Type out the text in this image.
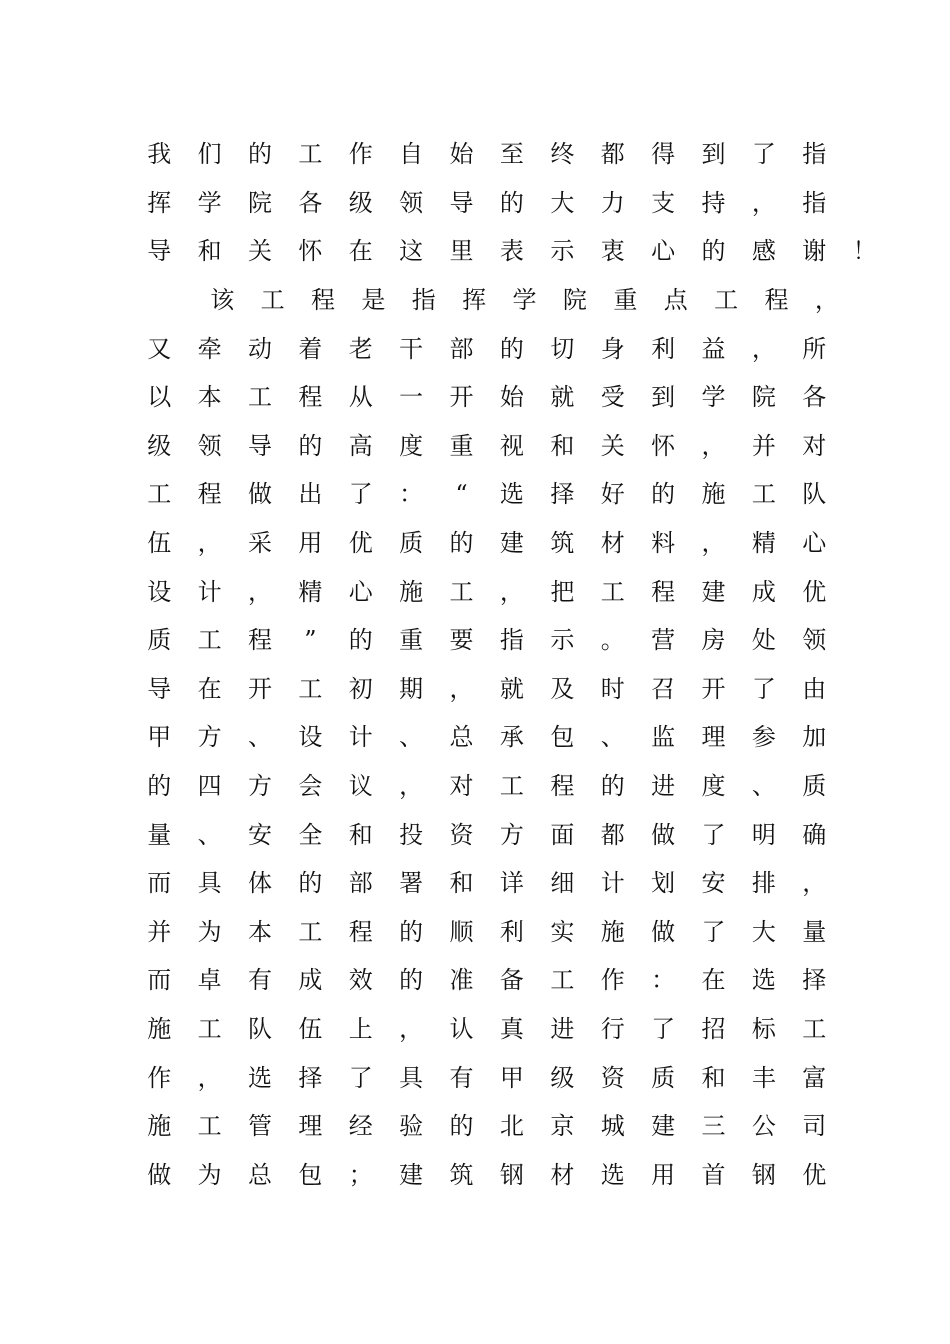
我	们	的	工	作	自	始	至	终	都	得	到	了	指
挥	学	院	各	级	领	导	的	大	力	支	持	，	指
导	和	关	怀	在	这	里	表	示	衷	心	的	感	谢	！
该	工	程	是	指	挥	学	院	重	点	工	程	，
又	牵	动	着	老	干	部	的	切	身	利	益	，	所
以	本	工	程	从	一	开	始	就	受	到	学	院	各
级	领	导	的	高	度	重	视	和	关	怀	，	并	对
工	程	做	出	了	：	“	选	择	好	的	施	工	队
伍	，	采	用	优	质	的	建	筑	材	料	，	精	心
设	计	，	精	心	施	工	，	把	工	程	建	成	优
质	工	程	”	的	重	要	指	示	。	营	房	处	领
导	在	开	工	初	期	，	就	及	时	召	开	了	由
甲	方	、	设	计	、	总	承	包	、	监	理	参	加
的	四	方	会	议	，	对	工	程	的	进	度	、	质
量	、	安	全	和	投	资	方	面	都	做	了	明	确
而	具	体	的	部	署	和	详	细	计	划	安	排	，
并	为	本	工	程	的	顺	利	实	施	做	了	大	量
而	卓	有	成	效	的	准	备	工	作	：	在	选	择
施	工	队	伍	上	，	认	真	进	行	了	招	标	工
作	，	选	择	了	具	有	甲	级	资	质	和	丰	富
施	工	管	理	经	验	的	北	京	城	建	三	公	司
做	为	总	包	；	建	筑	钢	材	选	用	首	钢	优
